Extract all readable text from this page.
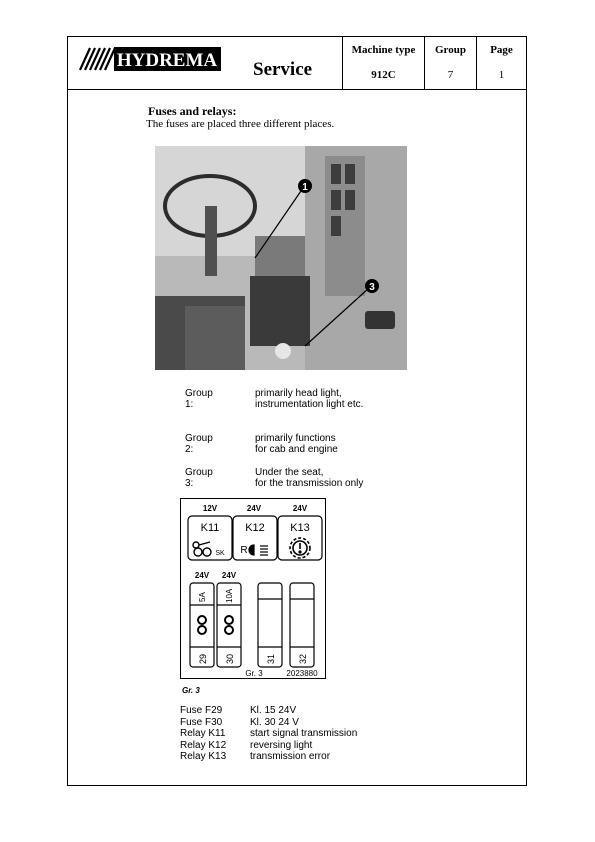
HYDREMA Service
Machine type
912C
Group
7
Page
1
Fuses and relays:
The fuses are placed three different places.
1
3
Group 1:
primarily head light,
instrumentation light etc.
Group 2:
primarily functions
for cab and engine
Group 3:
Under the seat,
for the transmission only
12V	24V	24V
K11 K12 K13
SK R
24V 24V
5A 10A
29 30	31 32
Gr. 3	2023880
Gr. 3
Fuse F29	Kl. 15 24V
Fuse F30	Kl. 30 24 V
Relay K11 start signal transmission
Relay K12 reversing light
Relay K13 transmission error
